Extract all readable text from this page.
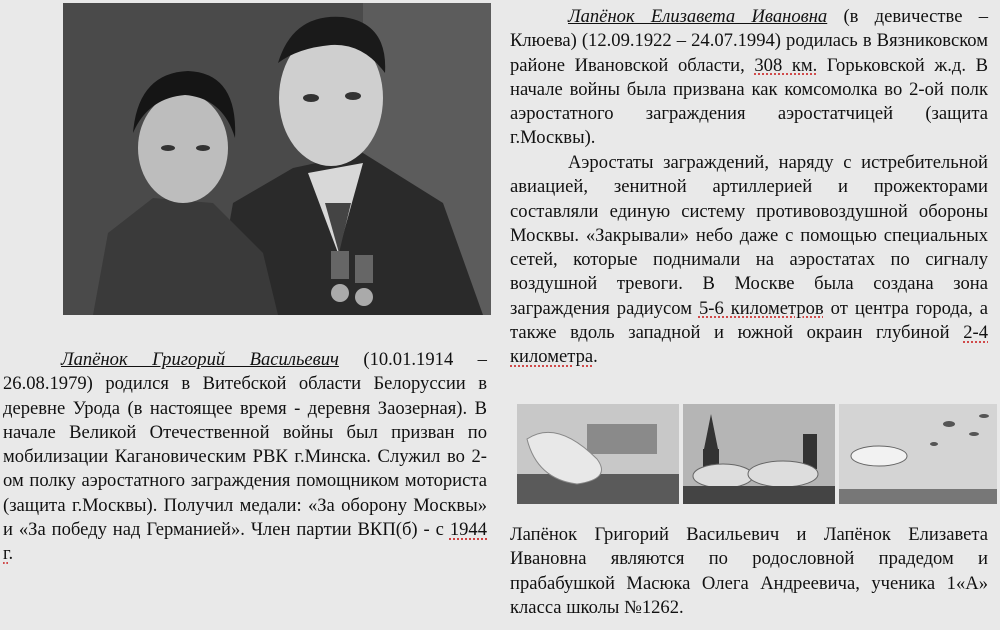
Лапёнок Елизавета Ивановна (в девичестве – Клюева) (12.09.1922 – 24.07.1994) родилась в Вязниковском районе Ивановской области, 308 км. Горьковской ж.д. В начале войны была призвана как комсомолка во 2-ой полк аэростатного заграждения аэростатчицей (защита г.Москвы).
Аэростаты заграждений, наряду с истребительной авиацией, зенитной артиллерией и прожекторами составляли единую систему противовоздушной обороны Москвы. «Закрывали» небо даже с помощью специальных сетей, которые поднимали на аэростатах по сигналу воздушной тревоги. В Москве была создана зона заграждения радиусом 5-6 километров от центра города, а также вдоль западной и южной окраин глубиной 2-4 километра.
Лапёнок Григорий Васильевич (10.01.1914 – 26.08.1979) родился в Витебской области Белоруссии в деревне Урода (в настоящее время - деревня Заозерная). В начале Великой Отечественной войны был призван по мобилизации Кагановическим РВК г.Минска. Служил во 2-ом полку аэростатного заграждения помощником моториста (защита г.Москвы). Получил медали: «За оборону Москвы» и «За победу над Германией». Член партии ВКП(б) - с 1944 г.
Лапёнок Григорий Васильевич и Лапёнок Елизавета Ивановна являются по родословной прадедом и прабабушкой Масюка Олега Андреевича, ученика 1«А» класса школы №1262.
